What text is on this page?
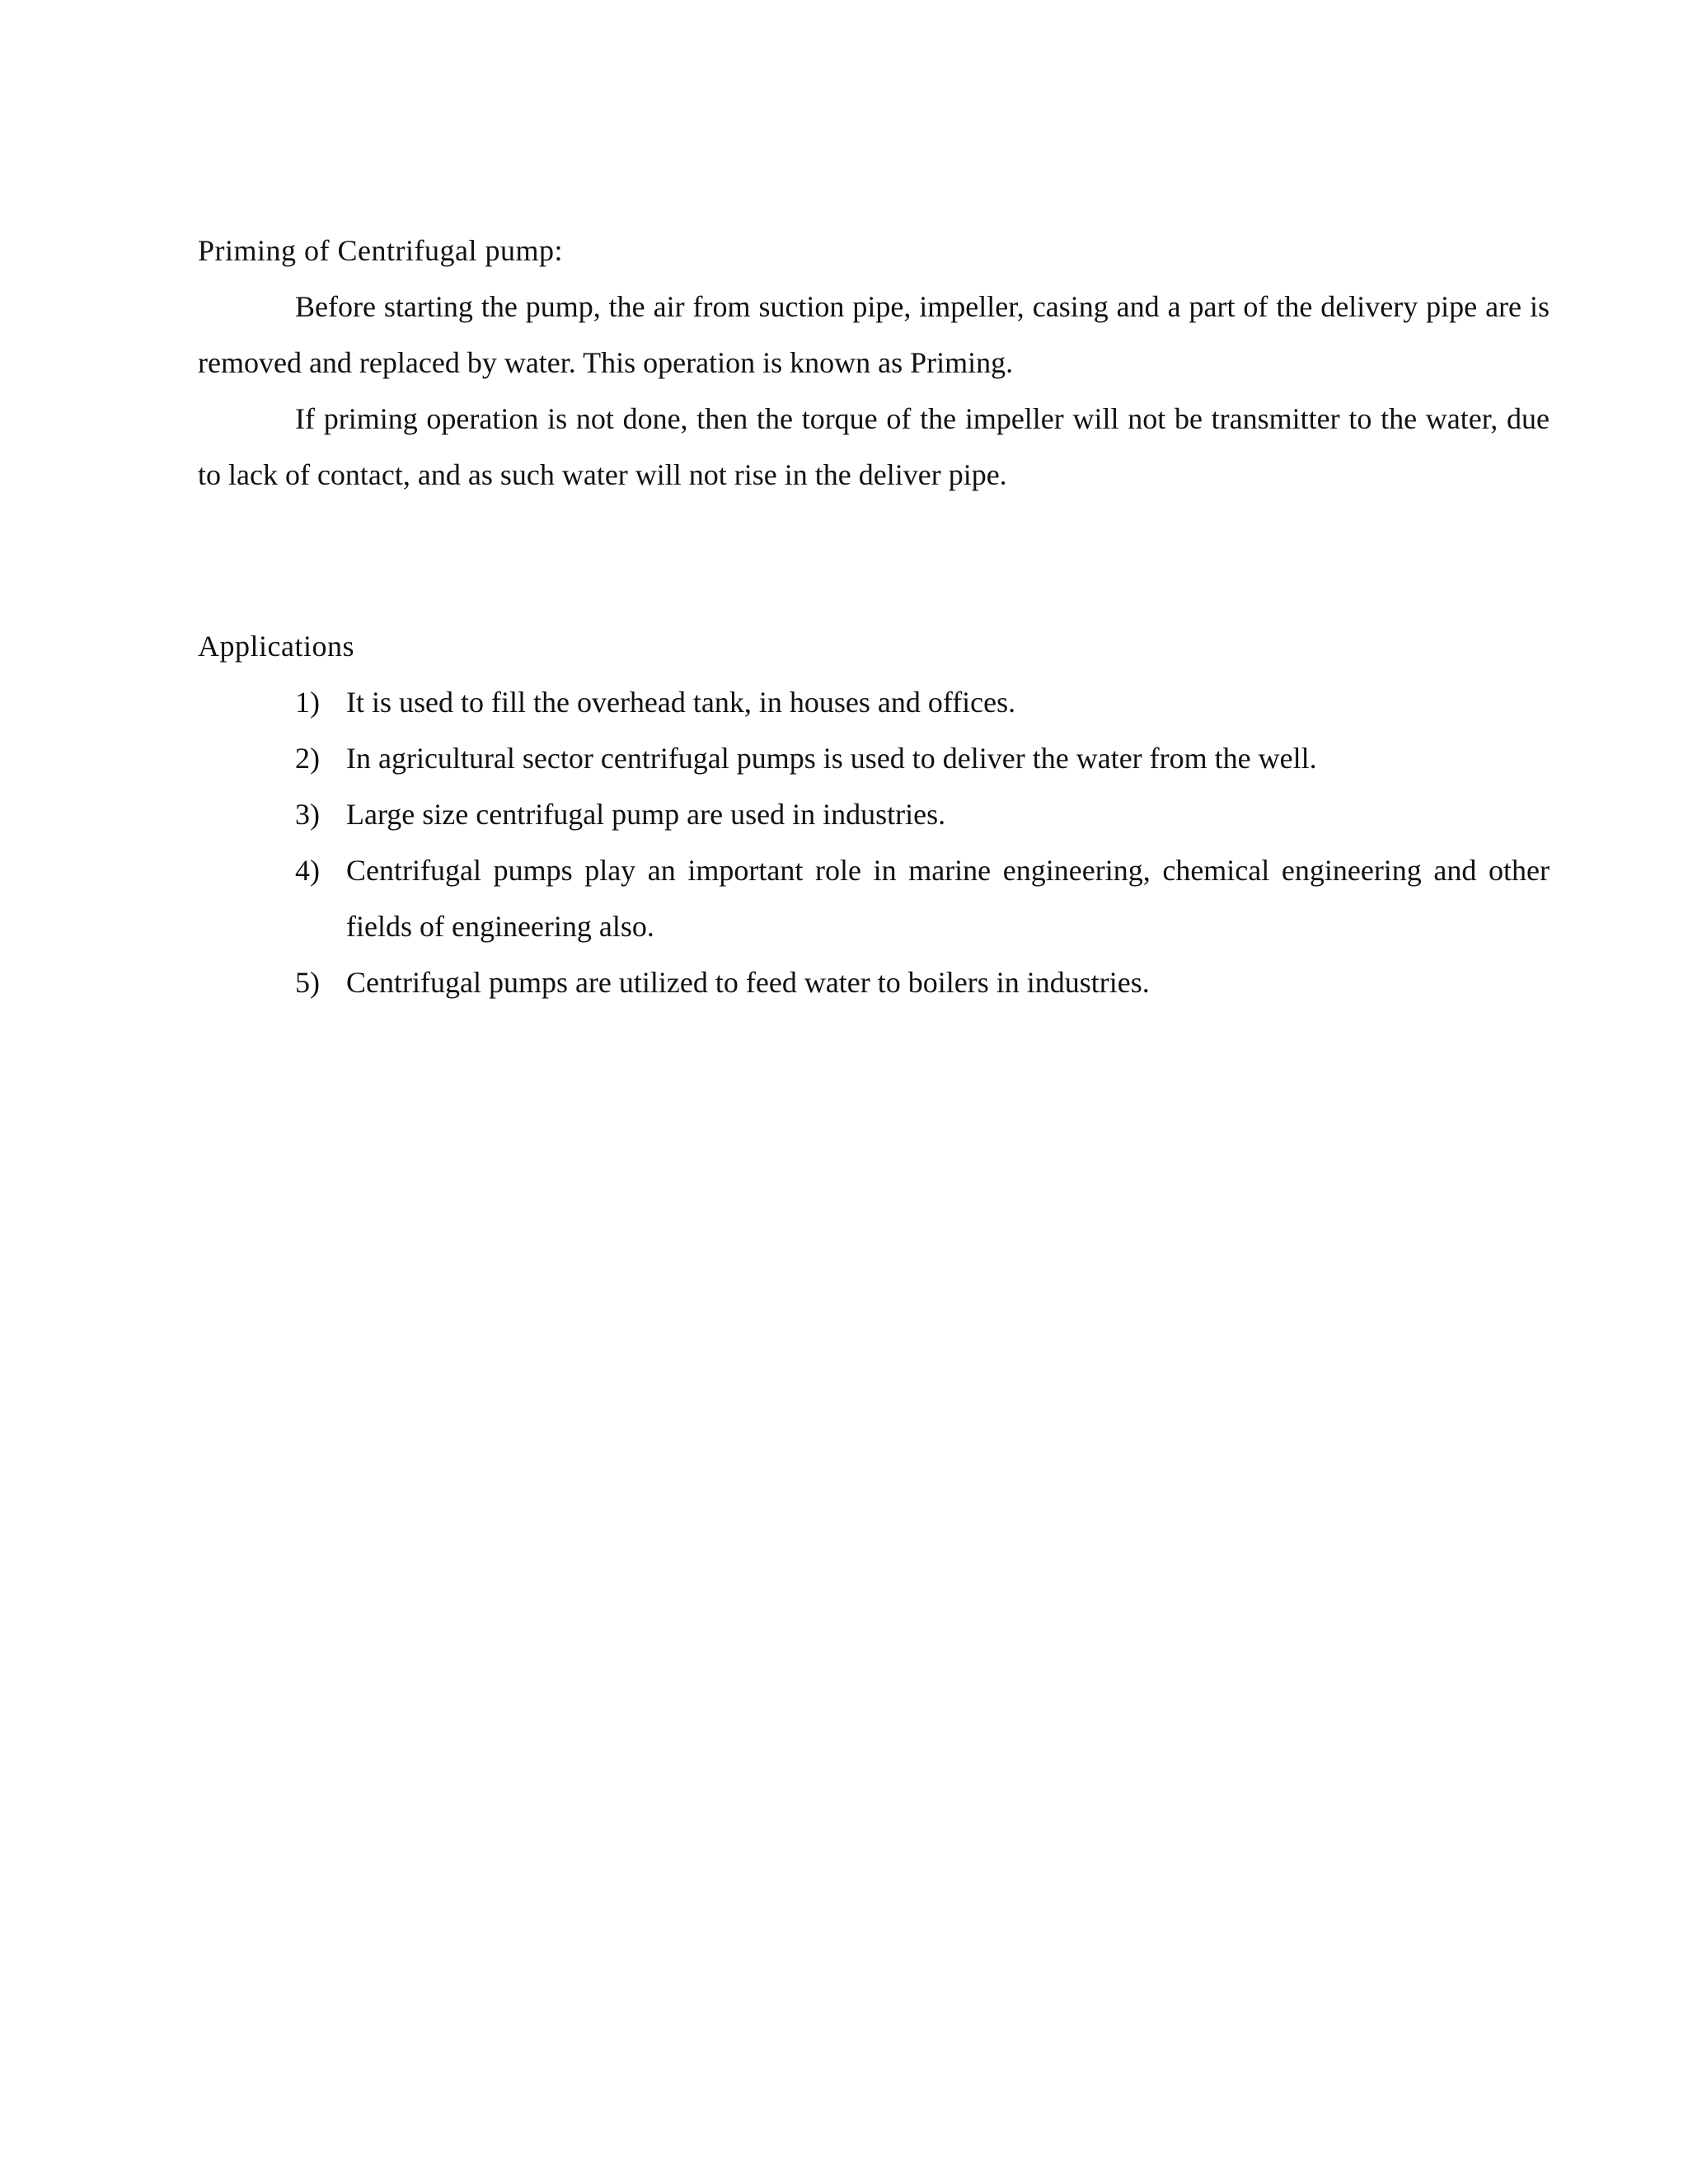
Priming of Centrifugal pump:

Before starting the pump, the air from suction pipe, impeller, casing and a part of the delivery pipe are is removed and replaced by water. This operation is known as Priming.

If priming operation is not done, then the torque of the impeller will not be transmitter to the water, due to lack of contact, and as such water will not rise in the deliver pipe.

Applications
1) It is used to fill the overhead tank, in houses and offices.
2) In agricultural sector centrifugal pumps is used to deliver the water from the well.
3) Large size centrifugal pump are used in industries.
4) Centrifugal pumps play an important role in marine engineering, chemical engineering and other fields of engineering also.
5) Centrifugal pumps are utilized to feed water to boilers in industries.
